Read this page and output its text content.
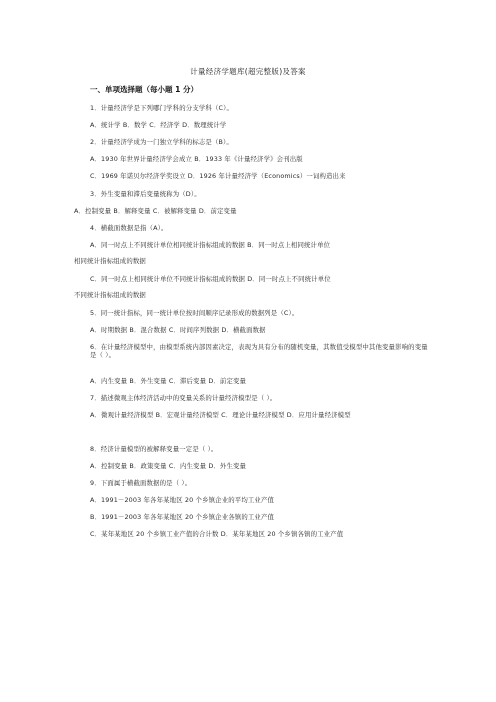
计量经济学题库(超完整版)及答案
一、单项选择题（每小题 1 分）
1．计量经济学是下列哪门学科的分支学科（C）。
A．统计学 B．数学 C．经济学 D．数理统计学
2．计量经济学成为一门独立学科的标志是（B）。
A．1930 年世界计量经济学会成立 B．1933 年《计量经济学》会刊出版
C．1969 年诺贝尔经济学奖设立 D．1926 年计量经济学（Economics）一词构造出来
3．外生变量和滞后变量统称为（D）。
A．控制变量 B．解释变量 C．被解释变量 D．前定变量
4．横截面数据是指（A）。
A．同一时点上不同统计单位相同统计指标组成的数据 B．同一时点上相同统计单位
相同统计指标组成的数据
C．同一时点上相同统计单位不同统计指标组成的数据 D．同一时点上不同统计单位
不同统计指标组成的数据
5．同一统计指标，同一统计单位按时间顺序记录形成的数据列是（C）。
A．时期数据 B．混合数据 C．时间序列数据 D．横截面数据
6．在计量经济模型中，由模型系统内部因素决定，表现为具有分布的随机变量，其数值受模型中其他变量影响的变量是（ ）。
A．内生变量 B．外生变量 C．滞后变量 D．前定变量
7．描述微观主体经济活动中的变量关系的计量经济模型是（ ）。
A．微观计量经济模型 B．宏观计量经济模型 C．理论计量经济模型 D．应用计量经济模型
8．经济计量模型的被解释变量一定是（ ）。
A．控制变量 B．政策变量 C．内生变量 D．外生变量
9．下面属于横截面数据的是（ ）。
A．1991－2003 年各年某地区 20 个乡镇企业的平均工业产值
B．1991－2003 年各年某地区 20 个乡镇企业各镇的工业产值
C．某年某地区 20 个乡镇工业产值的合计数 D．某年某地区 20 个乡镇各镇的工业产值
